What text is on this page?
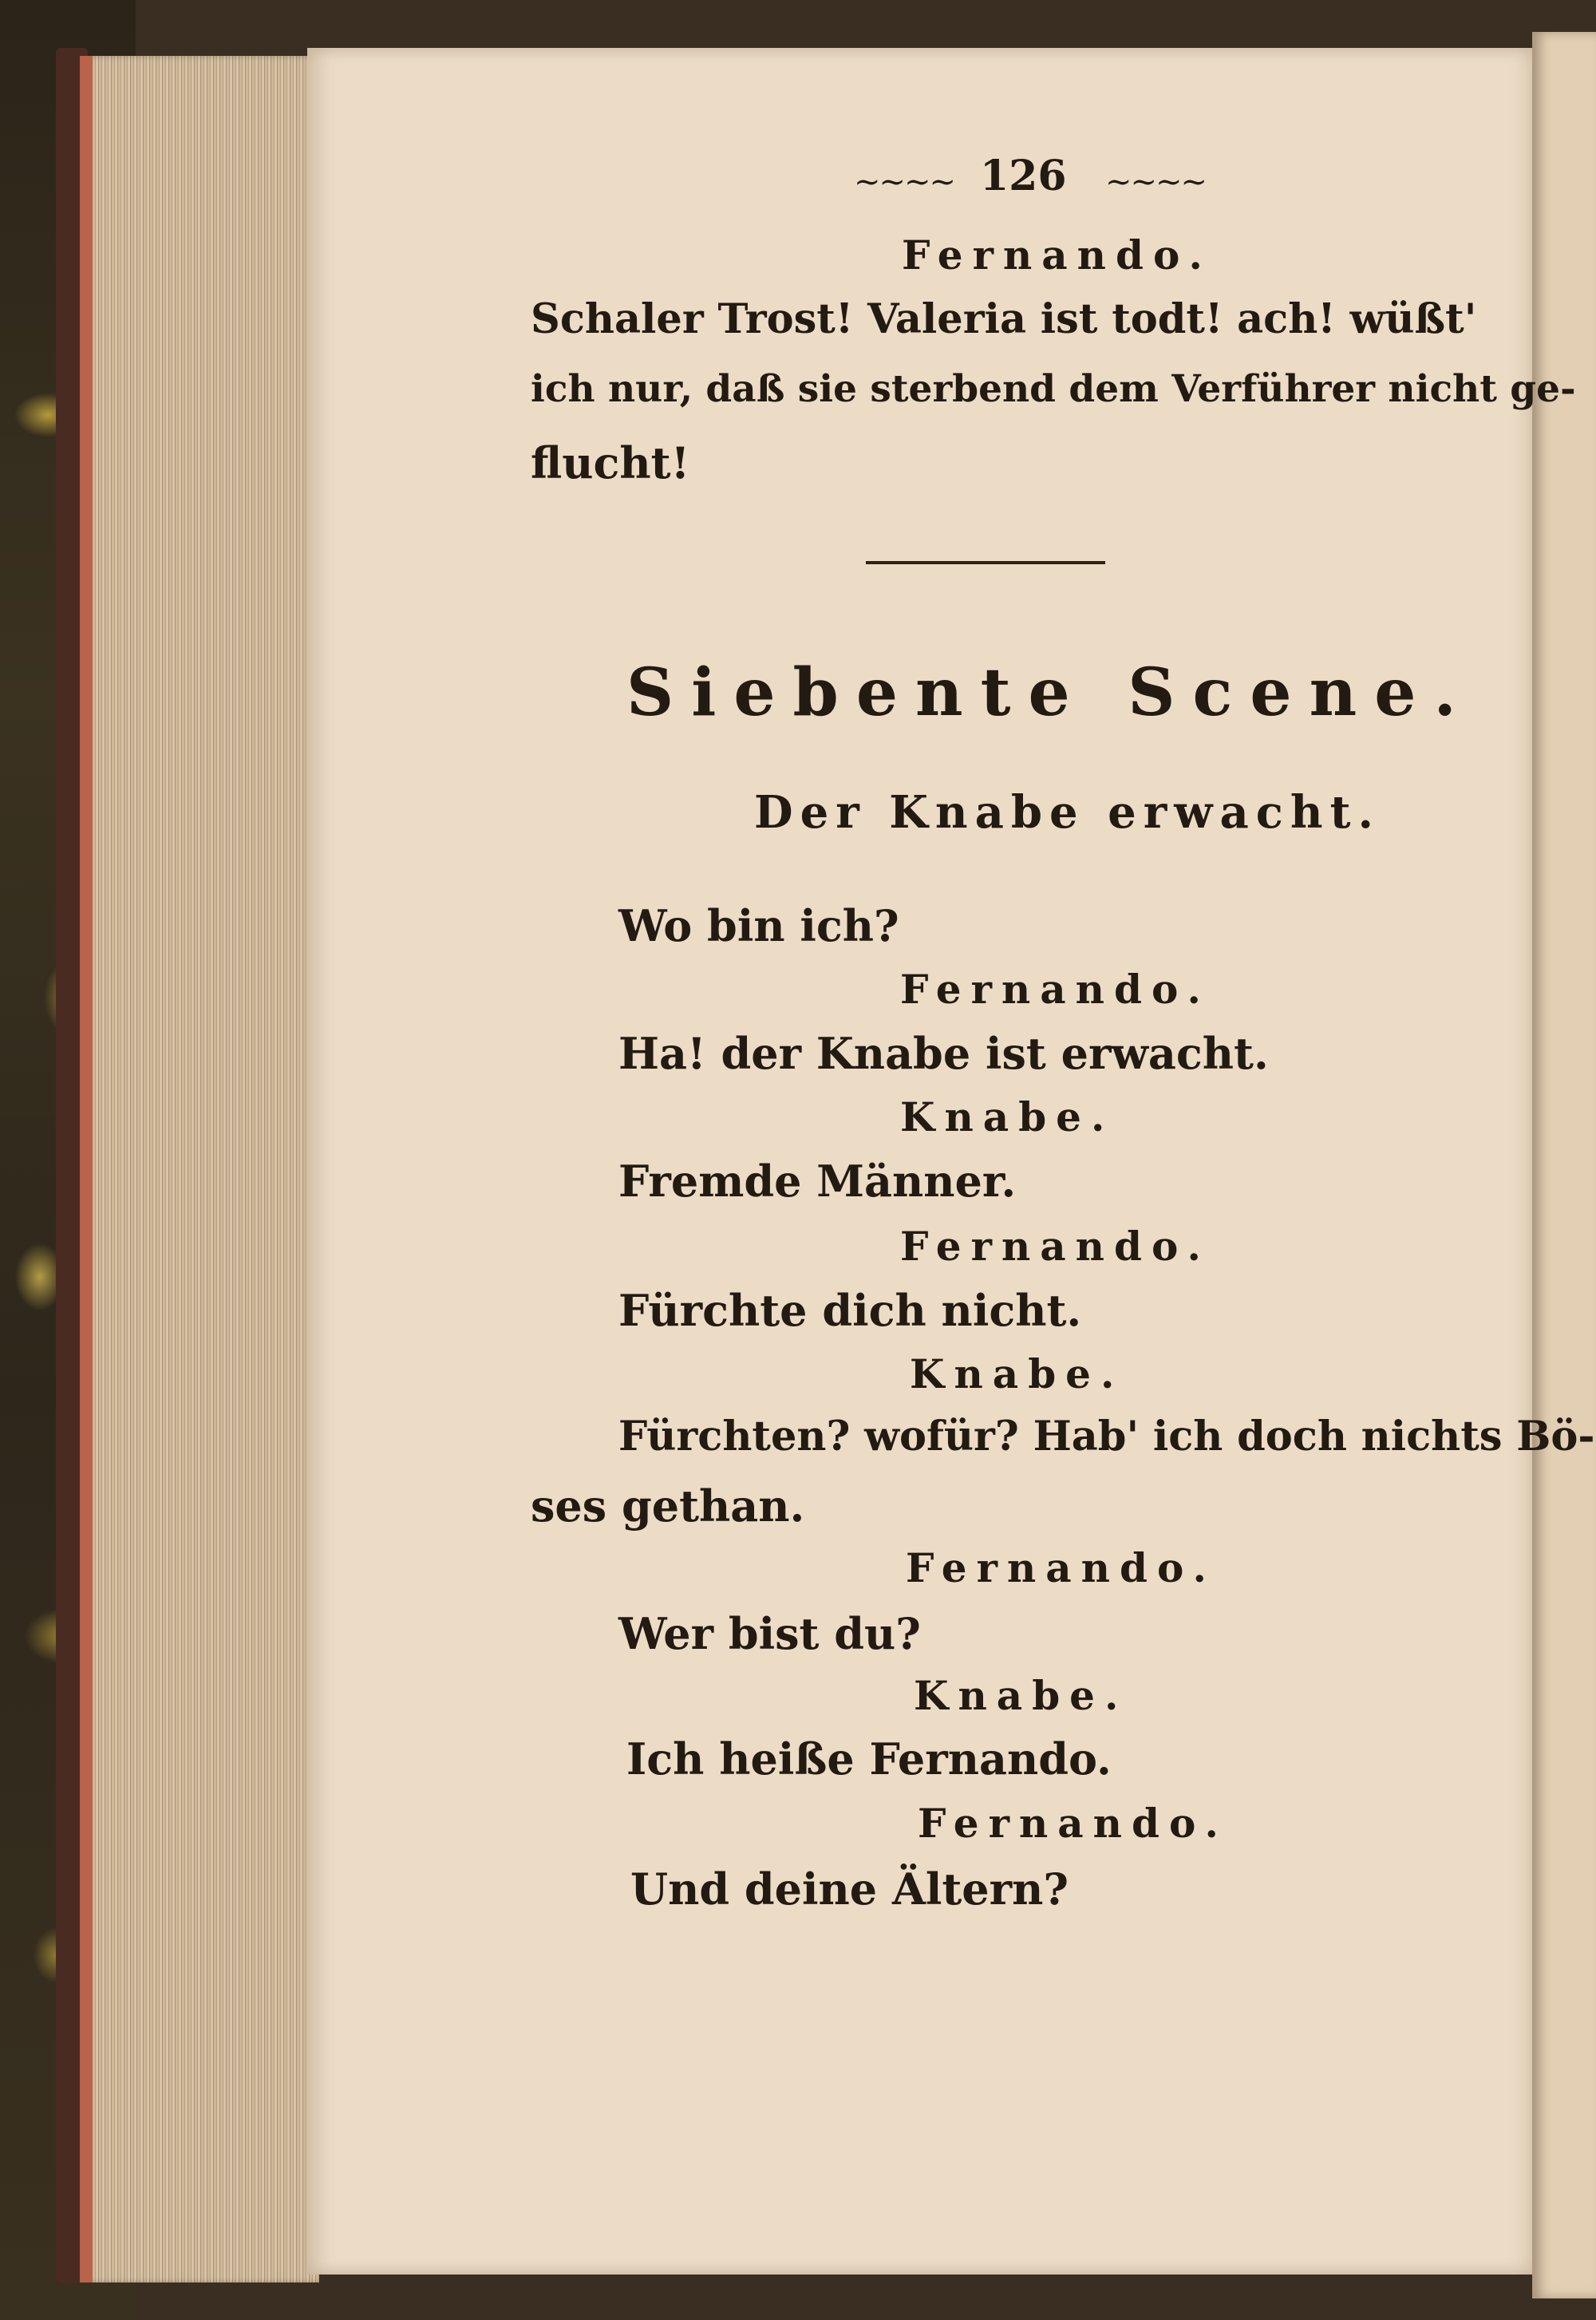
~~~~ 126 ~~~~
Fernando.
Schaler Trost! Valeria ist todt! ach! wüßt'
ich nur, daß sie sterbend dem Verführer nicht ge-
flucht!
Siebente Scene.
Der Knabe erwacht.
Wo bin ich?
Fernando.
Ha! der Knabe ist erwacht.
Knabe.
Fremde Männer.
Fernando.
Fürchte dich nicht.
Knabe.
Fürchten? wofür? Hab' ich doch nichts Bö-
ses gethan.
Fernando.
Wer bist du?
Knabe.
Ich heiße Fernando.
Fernando.
Und deine Ältern?
